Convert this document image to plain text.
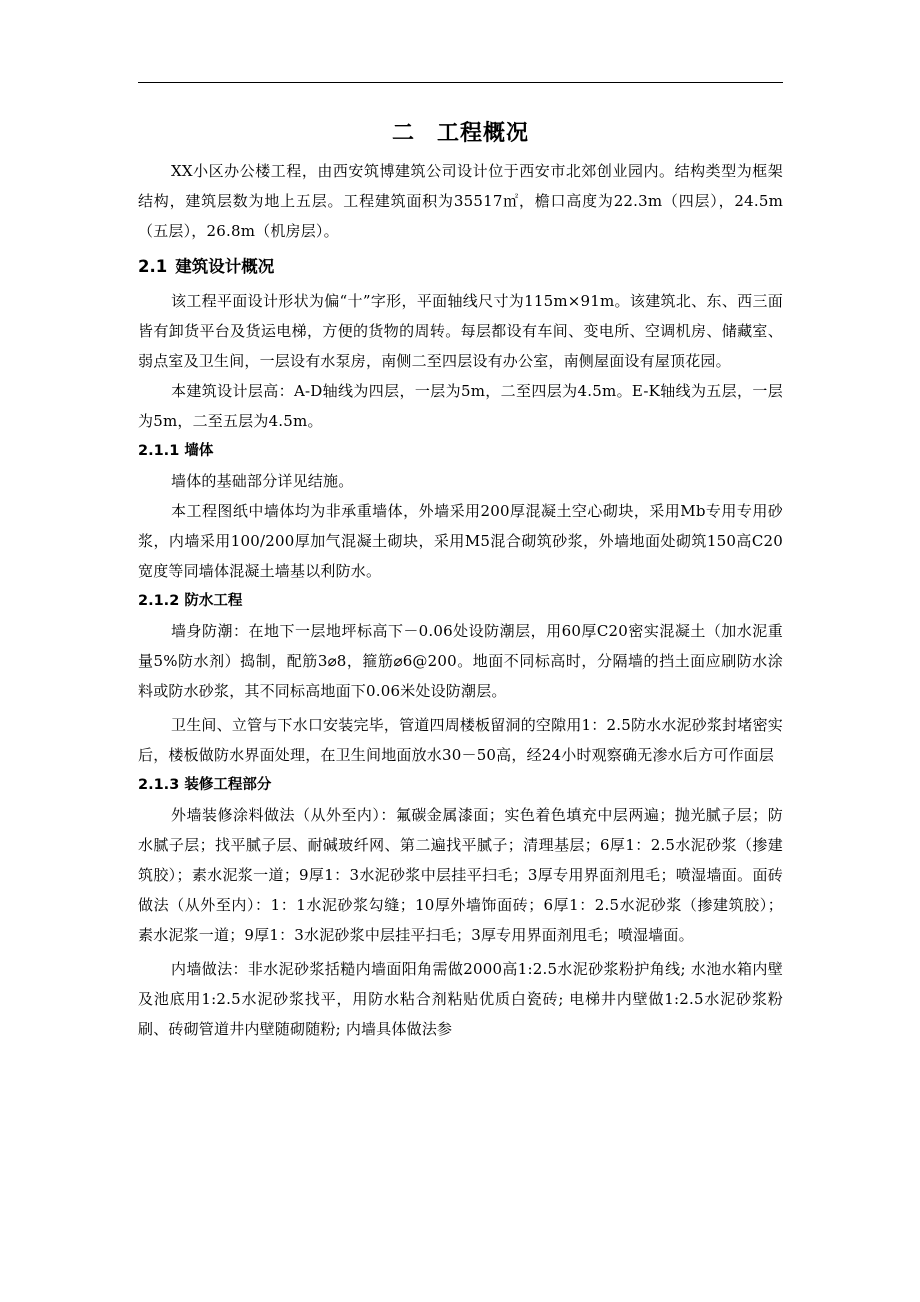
二 工程概况

XX小区办公楼工程，由西安筑博建筑公司设计位于西安市北郊创业园内。结构类型为框架结构，建筑层数为地上五层。工程建筑面积为35517㎡，檐口高度为22.3m（四层），24.5m（五层），26.8m（机房层）。

2.1 建筑设计概况

该工程平面设计形状为偏“十”字形，平面轴线尺寸为115m×91m。该建筑北、东、西三面皆有卸货平台及货运电梯，方便的货物的周转。每层都设有车间、变电所、空调机房、储藏室、弱点室及卫生间，一层设有水泵房，南侧二至四层设有办公室，南侧屋面设有屋顶花园。

本建筑设计层高：A-D轴线为四层，一层为5m，二至四层为4.5m。E-K轴线为五层，一层为5m，二至五层为4.5m。

2.1.1 墙体

墙体的基础部分详见结施。

本工程图纸中墙体均为非承重墙体，外墙采用200厚混凝土空心砌块，采用Mb专用专用砂浆，内墙采用100/200厚加气混凝土砌块，采用M5混合砌筑砂浆，外墙地面处砌筑150高C20宽度等同墙体混凝土墙基以利防水。

2.1.2 防水工程

墙身防潮：在地下一层地坪标高下－0.06处设防潮层，用60厚C20密实混凝土（加水泥重量5%防水剂）捣制，配筋3⌀8，箍筋⌀6@200。地面不同标高时，分隔墙的挡土面应刷防水涂料或防水砂浆，其不同标高地面下0.06米处设防潮层。

卫生间、立管与下水口安装完毕，管道四周楼板留洞的空隙用1：2.5防水水泥砂浆封堵密实后，楼板做防水界面处理，在卫生间地面放水30－50高，经24小时观察确无渗水后方可作面层

2.1.3 装修工程部分

外墙装修涂料做法（从外至内）：氟碳金属漆面；实色着色填充中层两遍；抛光腻子层；防水腻子层；找平腻子层、耐碱玻纤网、第二遍找平腻子；清理基层；6厚1：2.5水泥砂浆（掺建筑胶）；素水泥浆一道；9厚1：3水泥砂浆中层挂平扫毛；3厚专用界面剂甩毛；喷湿墙面。面砖做法（从外至内）：1：1水泥砂浆勾缝；10厚外墙饰面砖；6厚1：2.5水泥砂浆（掺建筑胶）；素水泥浆一道；9厚1：3水泥砂浆中层挂平扫毛；3厚专用界面剂甩毛；喷湿墙面。

内墙做法：非水泥砂浆括糙内墙面阳角需做2000高1:2.5水泥砂浆粉护角线; 水池水箱内壁及池底用1:2.5水泥砂浆找平，用防水粘合剂粘贴优质白瓷砖; 电梯井内壁做1:2.5水泥砂浆粉刷、砖砌管道井内壁随砌随粉; 内墙具体做法参
